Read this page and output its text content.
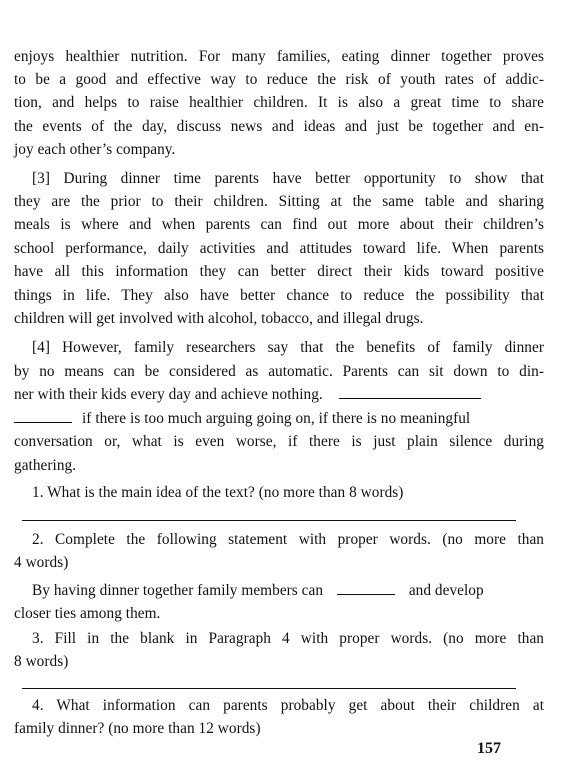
enjoys healthier nutrition. For many families, eating dinner together proves
to be a good and effective way to reduce the risk of youth rates of addic-
tion, and helps to raise healthier children. It is also a great time to share
the events of the day, discuss news and ideas and just be together and en-
joy each other’s company.
[3] During dinner time parents have better opportunity to show that
they are the prior to their children. Sitting at the same table and sharing
meals is where and when parents can find out more about their children’s
school performance, daily activities and attitudes toward life. When parents
have all this information they can better direct their kids toward positive
things in life. They also have better chance to reduce the possibility that
children will get involved with alcohol, tobacco, and illegal drugs.
[4] However, family researchers say that the benefits of family dinner
by no means can be considered as automatic. Parents can sit down to din-
ner with their kids every day and achieve nothing.
if there is too much arguing going on, if there is no meaningful
conversation or, what is even worse, if there is just plain silence during
gathering.
1. What is the main idea of the text? (no more than 8 words)
2. Complete the following statement with proper words. (no more than
4 words)
By having dinner together family members can	and develop
closer ties among them.
3. Fill in the blank in Paragraph 4 with proper words. (no more than
8 words)
4. What information can parents probably get about their children at
family dinner? (no more than 12 words)
157
